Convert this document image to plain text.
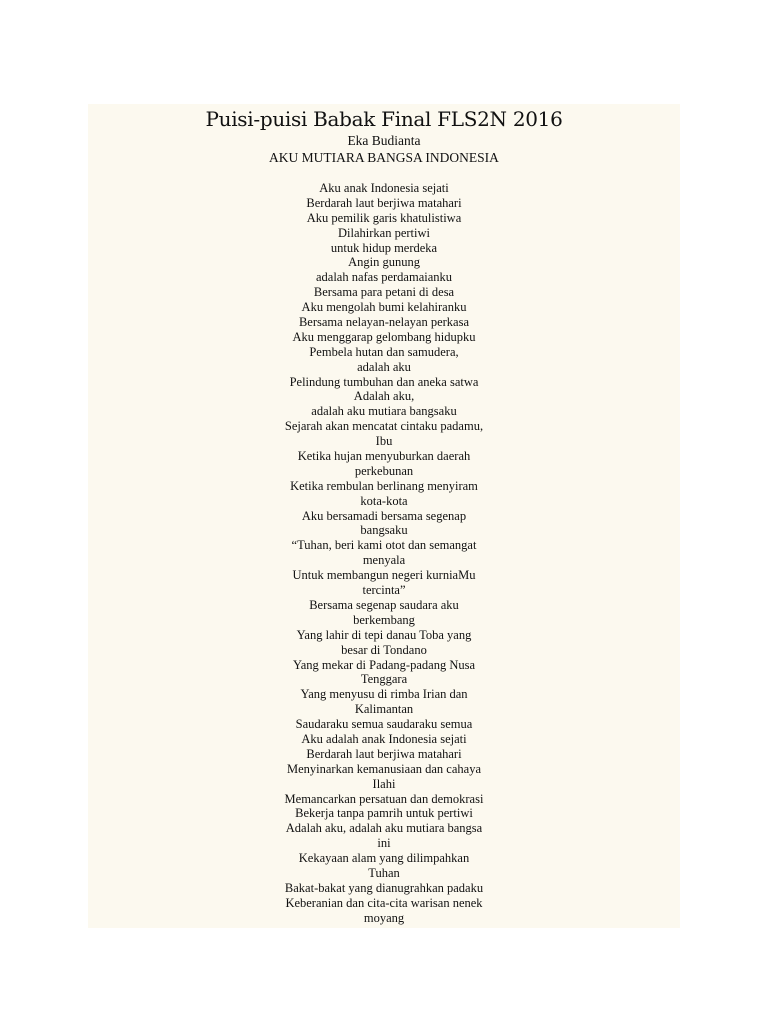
Puisi-puisi Babak Final FLS2N 2016
Eka Budianta
AKU MUTIARA BANGSA INDONESIA
Aku anak Indonesia sejati
Berdarah laut berjiwa matahari
Aku pemilik garis khatulistiwa
Dilahirkan pertiwi
untuk hidup merdeka
Angin gunung
adalah nafas perdamaianku
Bersama para petani di desa
Aku mengolah bumi kelahiranku
Bersama nelayan-nelayan perkasa
Aku menggarap gelombang hidupku
Pembela hutan dan samudera,
adalah aku
Pelindung tumbuhan dan aneka satwa
Adalah aku,
adalah aku mutiara bangsaku
Sejarah akan mencatat cintaku padamu,
Ibu
Ketika hujan menyuburkan daerah
perkebunan
Ketika rembulan berlinang menyiram
kota-kota
Aku bersamadi bersama segenap
bangsaku
“Tuhan, beri kami otot dan semangat
menyala
Untuk membangun negeri kurniaMu
tercinta”
Bersama segenap saudara aku
berkembang
Yang lahir di tepi danau Toba yang
besar di Tondano
Yang mekar di Padang-padang Nusa
Tenggara
Yang menyusu di rimba Irian dan
Kalimantan
Saudaraku semua saudaraku semua
Aku adalah anak Indonesia sejati
Berdarah laut berjiwa matahari
Menyinarkan kemanusiaan dan cahaya
Ilahi
Memancarkan persatuan dan demokrasi
Bekerja tanpa pamrih untuk pertiwi
Adalah aku, adalah aku mutiara bangsa
ini
Kekayaan alam yang dilimpahkan
Tuhan
Bakat-bakat yang dianugrahkan padaku
Keberanian dan cita-cita warisan nenek
moyang
